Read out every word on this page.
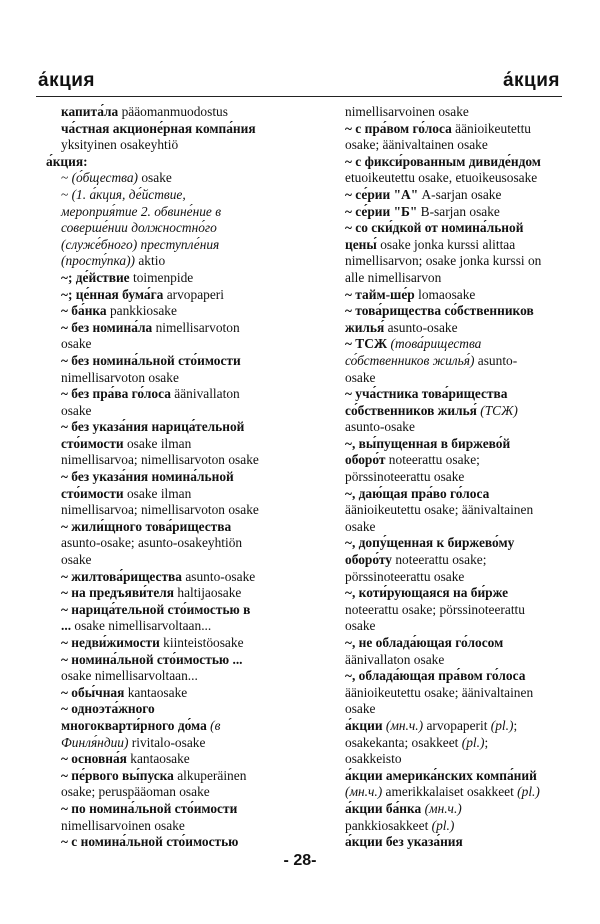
а́кция	а́кция
капита́ла pääomanmuodostus
ча́стная акционе́рная компа́ния
yksityinen osakeyhtiö
а́кция:
~ (о́бщества) osake
~ (1. а́кция, де́йствие,
мероприя́тие 2. обвине́ние в
соверше́нии должностно́го
(служе́бного) преступле́ния
(просту́пка)) aktio
~; де́йствие toimenpide
~; це́нная бума́га arvopaperi
~ ба́нка pankkiosake
~ без номина́ла nimellisarvoton
osake
~ без номина́льной сто́имости
nimellisarvoton osake
~ без пра́ва го́лоса äänivallaton
osake
~ без указа́ния нарица́тельной
сто́имости osake ilman
nimellisarvoa; nimellisarvoton osake
~ без указа́ния номина́льной
сто́имости osake ilman
nimellisarvoa; nimellisarvoton osake
~ жили́щного това́рищества
asunto-osake; asunto-osakeyhtiön
osake
~ жилтова́рищества asunto-osake
~ на предъяви́теля haltijaosake
~ нарица́тельной сто́имостью в
... osake nimellisarvoltaan...
~ недви́жимости kiinteistöosake
~ номина́льной сто́имостью ...
osake nimellisarvoltaan...
~ обы́чная kantaosake
~ одноэта́жного
многокварти́рного до́ма (в
Финля́ндии) rivitalo-osake
~ основна́я kantaosake
~ пе́рвого вы́пуска alkuperäinen
osake; peruspääoman osake
~ по номина́льной сто́имости
nimellisarvoinen osake
~ с номина́льной сто́имостью
nimellisarvoinen osake
~ с пра́вом го́лоса äänioikeutettu
osake; äänivaltainen osake
~ с фикси́рованным дивиде́ндом
etuoikeutettu osake, etuoikeusosake
~ се́рии "А" A-sarjan osake
~ се́рии "Б" B-sarjan osake
~ со ски́дкой от номина́льной
цены́ osake jonka kurssi alittaa
nimellisarvon; osake jonka kurssi on
alle nimellisarvon
~ тайм-ше́р lomaosake
~ това́рищества со́бственников
жилья́ asunto-osake
~ ТСЖ (това́рищества
со́бственников жилья́) asunto-
osake
~ уча́стника това́рищества
со́бственников жилья́ (ТСЖ)
asunto-osake
~, вы́пущенная в биржево́й
оборо́т noteerattu osake;
pörssinoteerattu osake
~, даю́щая пра́во го́лоса
äänioikeutettu osake; äänivaltainen
osake
~, допу́щенная к биржево́му
оборо́ту noteerattu osake;
pörssinoteerattu osake
~, коти́рующаяся на би́рже
noteerattu osake; pörssinoteerattu
osake
~, не облада́ющая го́лосом
äänivallaton osake
~, облада́ющая пра́вом го́лоса
äänioikeutettu osake; äänivaltainen
osake
а́кции (мн.ч.) arvopaperit (pl.);
osakekanta; osakkeet (pl.);
osakkeisto
а́кции америка́нских компа́ний
(мн.ч.) amerikkalaiset osakkeet (pl.)
а́кции ба́нка (мн.ч.)
pankkiosakkeet (pl.)
а́кции без указа́ния
- 28-
